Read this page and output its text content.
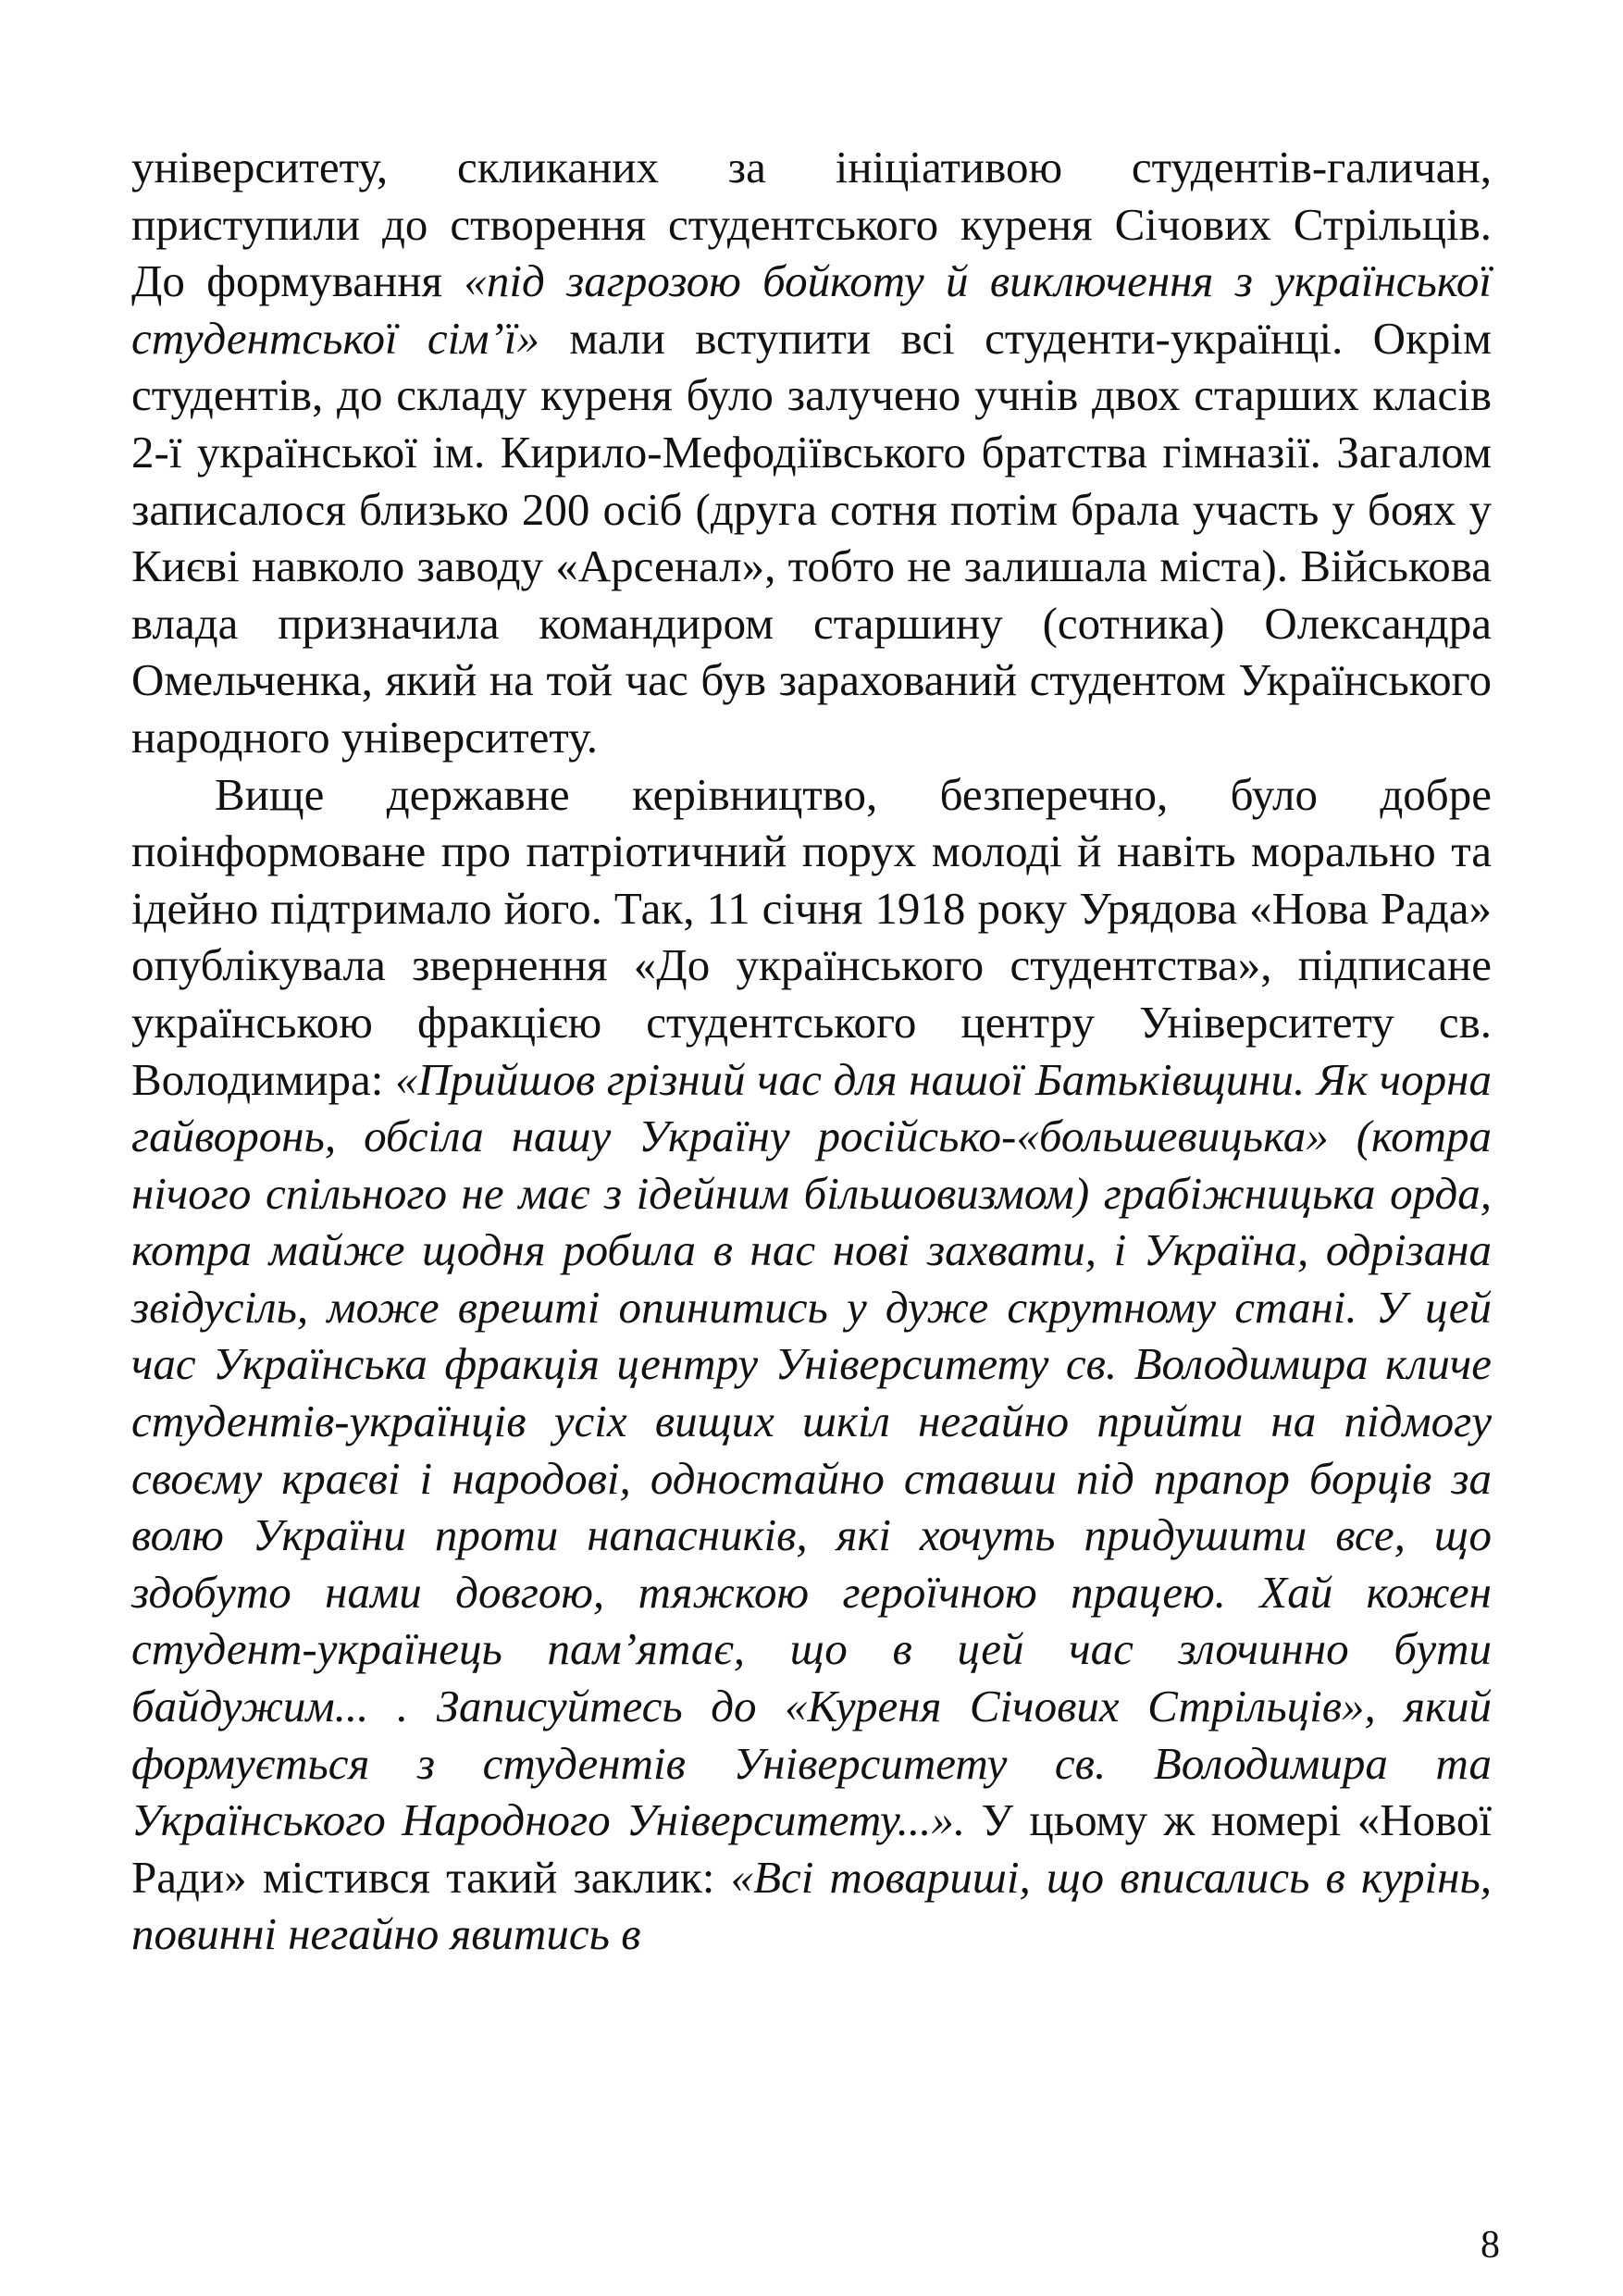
університету, скликаних за ініціативою студентів-галичан, приступили до створення студентського куреня Січових Стрільців. До формування «під загрозою бойкоту й виключення з української студентської сім’ї» мали вступити всі студенти-українці. Окрім студентів, до складу куреня було залучено учнів двох старших класів 2-ї української ім. Кирило-Мефодіївського братства гімназії. Загалом записалося близько 200 осіб (друга сотня потім брала участь у боях у Києві навколо заводу «Арсенал», тобто не залишала міста). Військова влада призначила командиром старшину (сотника) Олександра Омельченка, який на той час був зарахований студентом Українського народного університету.

Вище державне керівництво, безперечно, було добре поінформоване про патріотичний порух молоді й навіть морально та ідейно підтримало його. Так, 11 січня 1918 року Урядова «Нова Рада» опублікувала звернення «До українського студентства», підписане українською фракцією студентського центру Університету св. Володимира: «Прийшов грізний час для нашої Батьківщини. Як чорна гайворонь, обсіла нашу Україну російсько-«большевицька» (котра нічого спільного не має з ідейним більшовизмом) грабіжницька орда, котра майже щодня робила в нас нові захвати, і Україна, одрізана звідусіль, може врешті опинитись у дуже скрутному стані. У цей час Українська фракція центру Університету св. Володимира кличе студентів-українців усіх вищих шкіл негайно прийти на підмогу своєму краєві і народові, одностайно ставши під прапор борців за волю України проти напасників, які хочуть придушити все, що здобуто нами довгою, тяжкою героїчною працею. Хай кожен студент-українець пам’ятає, що в цей час злочинно бути байдужим... . Записуйтесь до «Куреня Січових Стрільців», який формується з студентів Університету св. Володимира та Українського Народного Університету...». У цьому ж номері «Нової Ради» містився такий заклик: «Всі товариші, що вписались в курінь, повинні негайно явитись в

8
